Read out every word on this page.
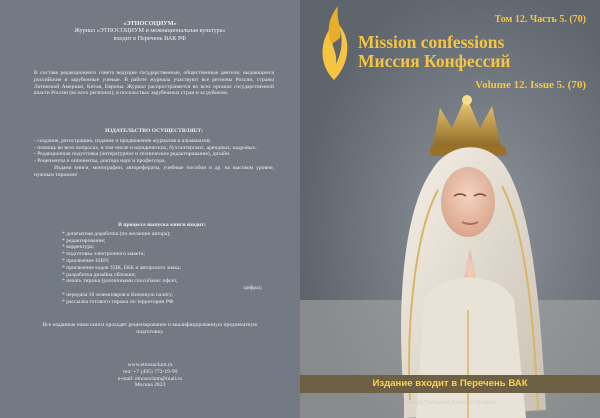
«ЭТНОСОЦИУМ»
Журнал «ЭТНОСОЦИУМ и межнациональная культура»
входит в Перечень ВАК РФ
В составе редакционного совета ведущие государственные, общественные деятели, выдающиеся российские и зарубежные ученые. В работе журнала участвуют все регионы России, страны Латинской Америки, Китая, Европы. Журнал распространяется во всех органах государственной власти России (во всех регионах), в посольствах зарубежных стран и за рубежом.
ИЗДАТЕЛЬСТВО ОСУЩЕСТВЛЯЕТ:
- создание, регистрацию, издание и продвижение журналов и альманахов;
- помощь во всех вопросах, в том числе и юридических, бухгалтерских, арендных, кадровых.
- Редакционная подготовка (литературное и техническое редактирование), дизайн.
- Рецензенты и оппоненты, доктора наук и профессора.
Издаем книги, монографии, авторефераты, учебные пособия и др. на высоком уровне, нужным тиражом!
В процессе выпуска книги входит:
* допечатная доработка (по желанию автора);
* редактирование;
* корректура;
* подготовка электронного макета;
* присвоение ISBN;
* присвоение кодов УДК, ББК и авторского знака;
* разработка дизайна обложки;
* печать тиража (различными способами: офсет,
цифра);
* передача 16 экземпляров в Книжную палату;
* рассылка готового тиража по территории РФ.
Все изданные нами книги проходят рецензирование и квалифицированную предпечатную подготовку.
www.etnosocium.ru
тел: +7 (495) 772-19-99
e-mail: etnosocium@mail.ru
Москва 2023
Том 12. Часть 5. (70)
Mission confessions
Миссия Конфессий
Volume 12. Issue 5. (70)
Издание входит в Перечень ВАК
Photo by Portuguese Gravity on Unsplash
